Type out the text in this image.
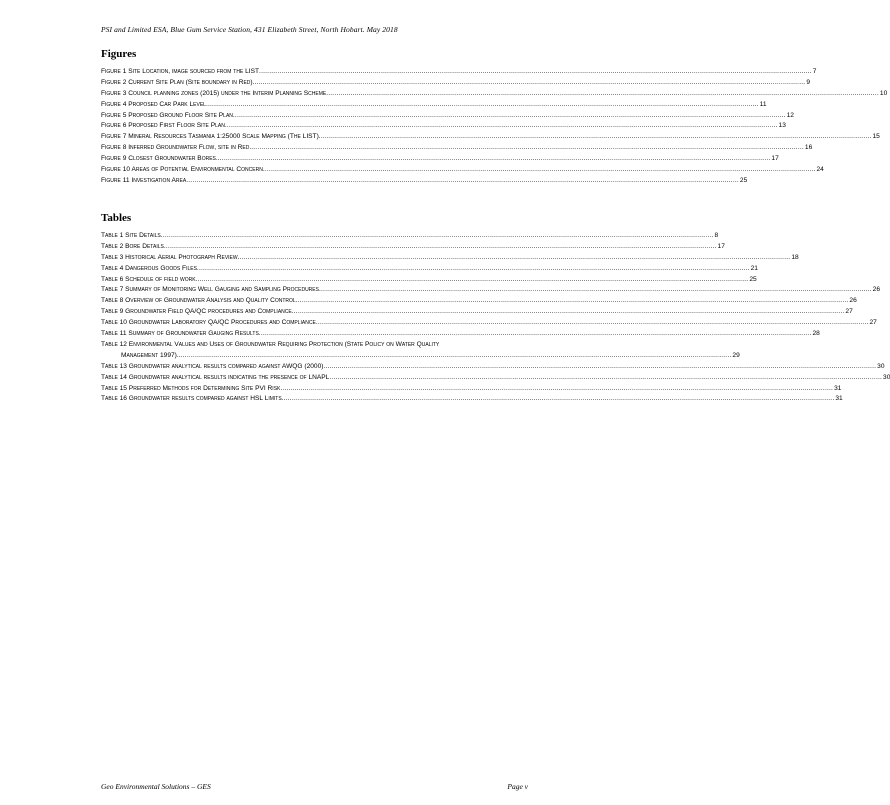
PSI and Limited ESA, Blue Gum Service Station, 431 Elizabeth Street, North Hobart. May 2018
Figures
Figure 1 Site Location, image sourced from the LIST .....	7
Figure 2 Current Site Plan (Site boundary in Red) .....	9
Figure 3 Council planning zones (2015) under the Interim Planning Scheme .....	10
Figure 4 Proposed Car Park Level .....	11
Figure 5 Proposed Ground Floor Site Plan .....	12
Figure 6 Proposed First Floor Site Plan .....	13
Figure 7 Mineral Resources Tasmania 1:25000 Scale Mapping (The LIST) .....	15
Figure 8 Inferred Groundwater Flow, site in Red. .....	16
Figure 9 Closest Groundwater Bores. .....	17
Figure 10 Areas of Potential Environmental Concern .....	24
Figure 11 Investigation Area .....	25
Tables
Table 1 Site Details .....	8
Table 2 Bore Details .....	17
Table 3 Historical Aerial Photograph Review .....	18
Table 4 Dangerous Goods Files .....	21
Table 6 Schedule of field work .....	25
Table 7 Summary of Monitoring Well Gauging and Sampling Procedures .....	26
Table 8 Overview of Groundwater Analysis and Quality Control .....	26
Table 9 Groundwater Field QA/QC procedures and Compliance .....	27
Table 10 Groundwater Laboratory QA/QC Procedures and Compliance .....	27
Table 11 Summary of Groundwater Gauging Results .....	28
Table 12 Environmental Values and Uses of Groundwater Requiring Protection (State Policy on Water Quality
Management 1997). .....	29
Table 13 Groundwater analytical results compared against AWQG (2000) .....	30
Table 14 Groundwater analytical results indicating the presence of LNAPL .....	30
Table 15 Preferred Methods for Determining Site PVI Risk .....	31
Table 16 Groundwater results compared against HSL Limits .....	31
Geo Environmental Solutions – GES	Page v
